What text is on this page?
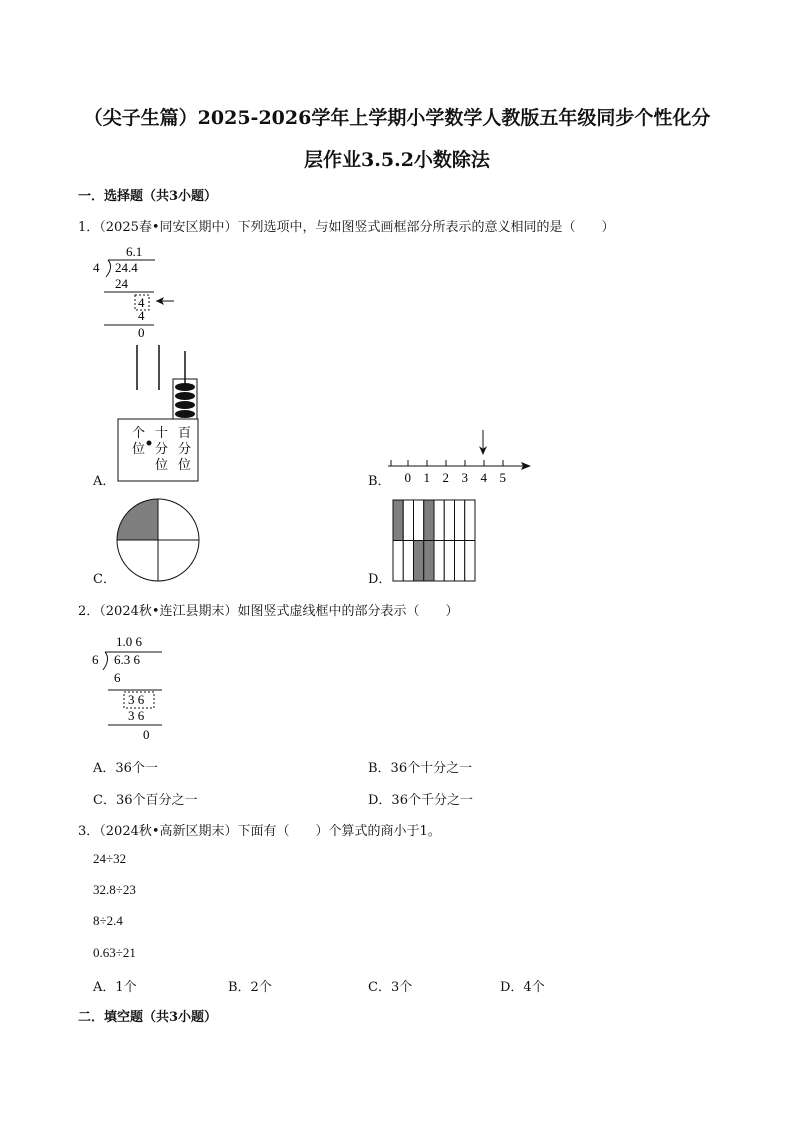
（尖子生篇）2025-2026学年上学期小学数学人教版五年级同步个性化分
层作业3.5.2小数除法
一．选择题（共3小题）
1．（2025春•同安区期中）下列选项中，与如图竖式画框部分所表示的意义相同的是（　　）
6.1
4 24.4
24
4
4
0
A．
个
位
十
分
位
百
分
位
B． 0 1 2 3 4 5
C．	D．
2．（2024秋•连江县期末）如图竖式虚线框中的部分表示（　　）
1.0 6
6 6.3 6
6
3 6
3 6
0
A．36个一	B．36个十分之一
C．36个百分之一	D．36个千分之一
3．（2024秋•高新区期末）下面有（　　）个算式的商小于1。
24÷32
32.8÷23
8÷2.4
0.63÷21
A．1个	B．2个	C．3个	D．4个
二．填空题（共3小题）
